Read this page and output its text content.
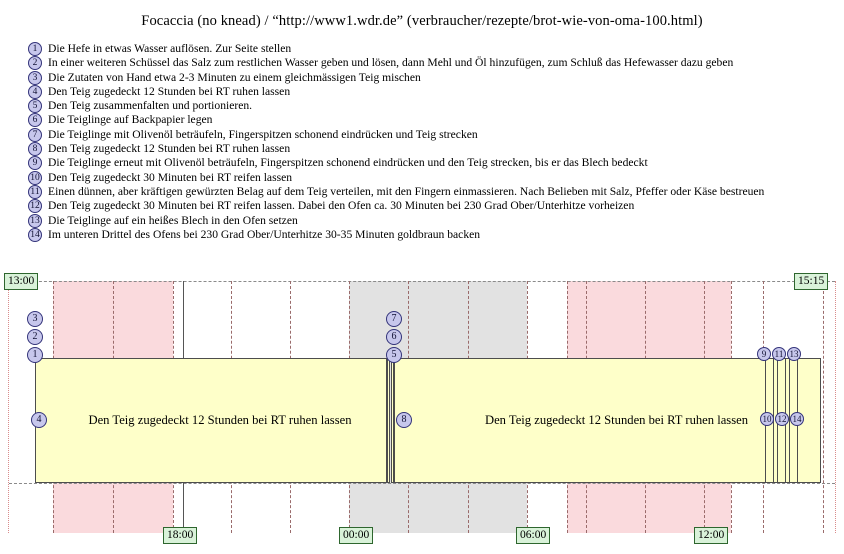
Focaccia (no knead) / “http://www1.wdr.de” (verbraucher/rezepte/brot-wie-von-oma-100.html)
1 Die Hefe in etwas Wasser auflösen. Zur Seite stellen
2 In einer weiteren Schüssel das Salz zum restlichen Wasser geben und lösen, dann Mehl und Öl hinzufügen, zum Schluß das Hefewasser dazu geben
3 Die Zutaten von Hand etwa 2-3 Minuten zu einem gleichmässigen Teig mischen
4 Den Teig zugedeckt 12 Stunden bei RT ruhen lassen
5 Den Teig zusammenfalten und portionieren.
6 Die Teiglinge auf Backpapier legen
7 Die Teiglinge mit Olivenöl beträufeln, Fingerspitzen schonend eindrücken und Teig strecken
8 Den Teig zugedeckt 12 Stunden bei RT ruhen lassen
9 Die Teiglinge erneut mit Olivenöl beträufeln, Fingerspitzen schonend eindrücken und den Teig strecken, bis er das Blech bedeckt
10 Den Teig zugedeckt 30 Minuten bei RT reifen lassen
11 Einen dünnen, aber kräftigen gewürzten Belag auf dem Teig verteilen, mit den Fingern einmassieren. Nach Belieben mit Salz, Pfeffer oder Käse bestreuen
12 Den Teig zugedeckt 30 Minuten bei RT reifen lassen. Dabei den Ofen ca. 30 Minuten bei 230 Grad Ober/Unterhitze vorheizen
13 Die Teiglinge auf ein heißes Blech in den Ofen setzen
14 Im unteren Drittel des Ofens bei 230 Grad Ober/Unterhitze 30-35 Minuten goldbraun backen
Den Teig zugedeckt 12 Stunden bei RT ruhen lassen	Den Teig zugedeckt 12 Stunden bei RT ruhen lassen
3
2
1
7
6
5	9 11 13
4	8	10 12 14
13:00	15:15
18:00	00:00	06:00	12:00
